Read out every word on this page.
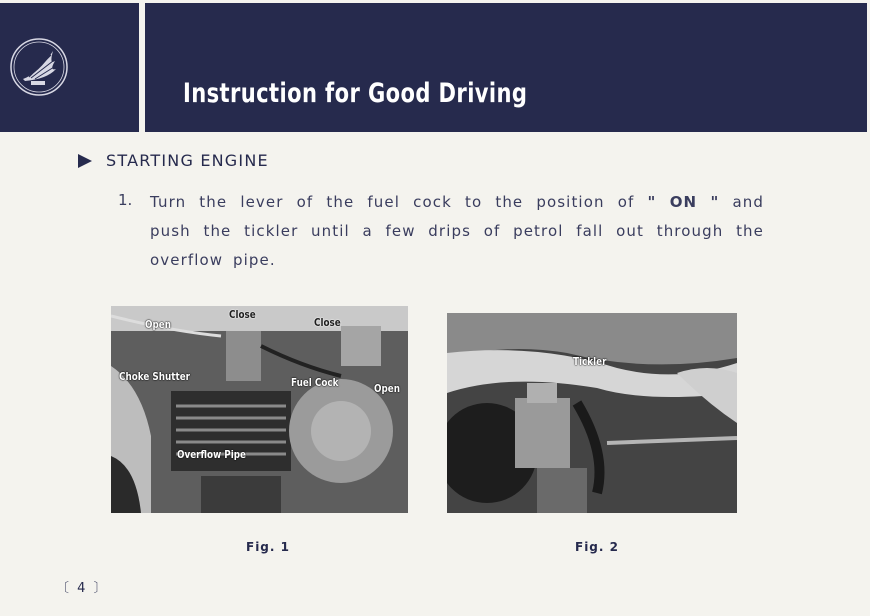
Instruction for Good Driving
STARTING ENGINE
1. Turn the lever of the fuel cock to the position of " ON " and push the tickler until a few drips of petrol fall out through the overflow pipe.
Open
Close
Close
Choke Shutter	Fuel Cock	Open
Overflow Pipe
Fig. 1
Tickler
Fig. 2
〔 4 〕
